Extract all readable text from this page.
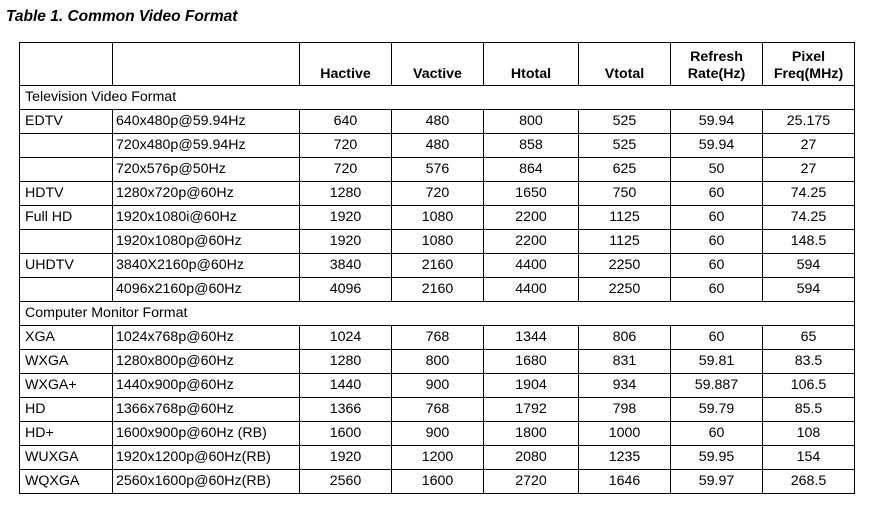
Table 1. Common Video Format
		Hactive	Vactive	Htotal	Vtotal	Refresh Rate(Hz)	Pixel Freq(MHz)
Television Video Format							
EDTV	640x480p@59.94Hz	640	480	800	525	59.94	25.175
	720x480p@59.94Hz	720	480	858	525	59.94	27
	720x576p@50Hz	720	576	864	625	50	27
HDTV	1280x720p@60Hz	1280	720	1650	750	60	74.25
Full HD	1920x1080i@60Hz	1920	1080	2200	1125	60	74.25
	1920x1080p@60Hz	1920	1080	2200	1125	60	148.5
UHDTV	3840X2160p@60Hz	3840	2160	4400	2250	60	594
	4096x2160p@60Hz	4096	2160	4400	2250	60	594
Computer Monitor Format							
XGA	1024x768p@60Hz	1024	768	1344	806	60	65
WXGA	1280x800p@60Hz	1280	800	1680	831	59.81	83.5
WXGA+	1440x900p@60Hz	1440	900	1904	934	59.887	106.5
HD	1366x768p@60Hz	1366	768	1792	798	59.79	85.5
HD+	1600x900p@60Hz (RB)	1600	900	1800	1000	60	108
WUXGA	1920x1200p@60Hz(RB)	1920	1200	2080	1235	59.95	154
WQXGA	2560x1600p@60Hz(RB)	2560	1600	2720	1646	59.97	268.5
